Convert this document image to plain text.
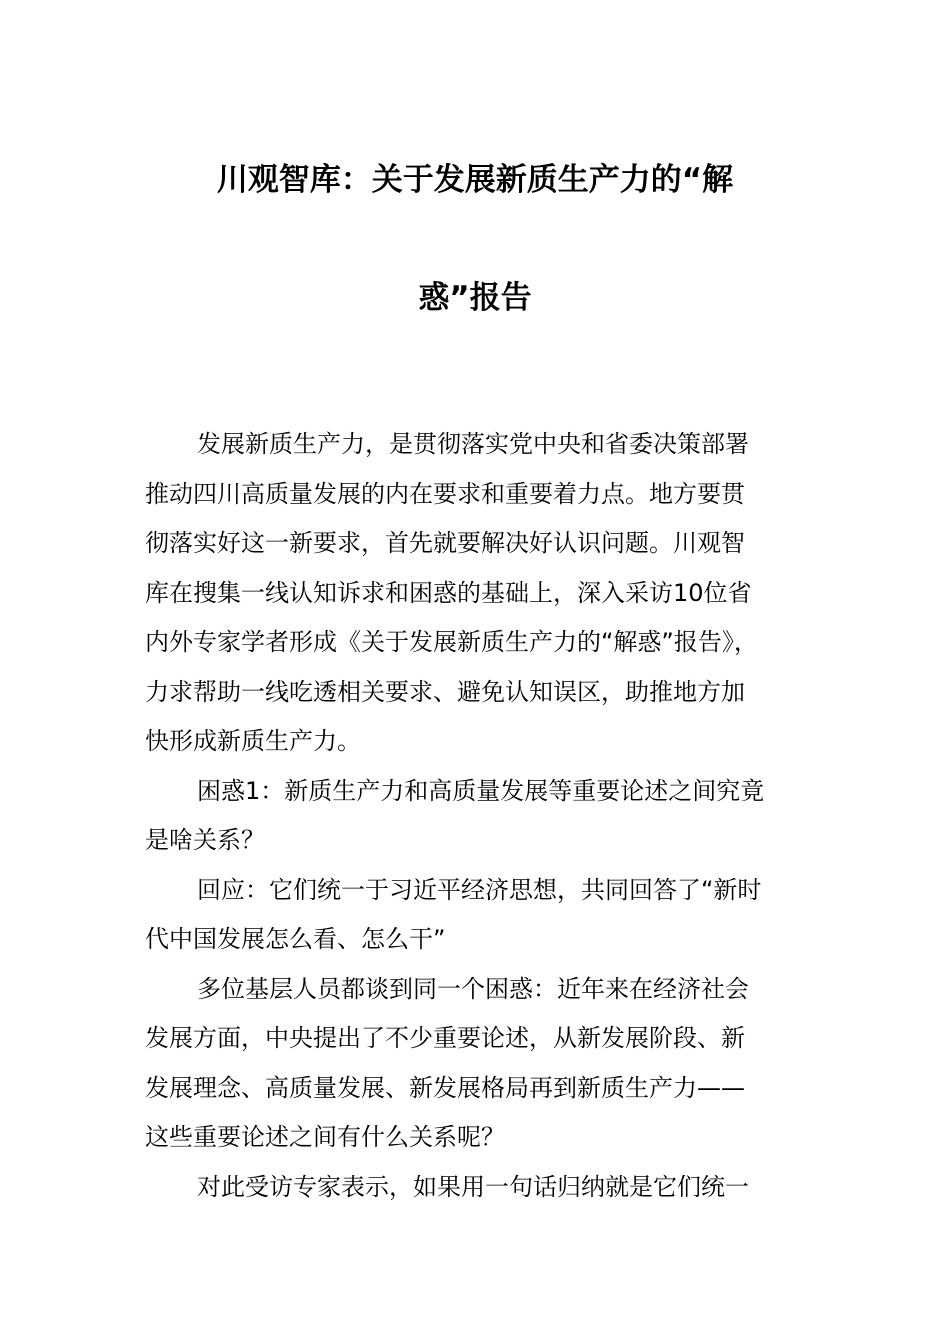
川观智库：关于发展新质生产力的“解
惑”报告
发展新质生产力，是贯彻落实党中央和省委决策部署
推动四川高质量发展的内在要求和重要着力点。地方要贯
彻落实好这一新要求，首先就要解决好认识问题。川观智
库在搜集一线认知诉求和困惑的基础上，深入采访10位省
内外专家学者形成《关于发展新质生产力的“解惑”报告》，
力求帮助一线吃透相关要求、避免认知误区，助推地方加
快形成新质生产力。
困惑1：新质生产力和高质量发展等重要论述之间究竟
是啥关系？
回应：它们统一于习近平经济思想，共同回答了“新时
代中国发展怎么看、怎么干”
多位基层人员都谈到同一个困惑：近年来在经济社会
发展方面，中央提出了不少重要论述，从新发展阶段、新
发展理念、高质量发展、新发展格局再到新质生产力——
这些重要论述之间有什么关系呢？
对此受访专家表示，如果用一句话归纳就是它们统一
